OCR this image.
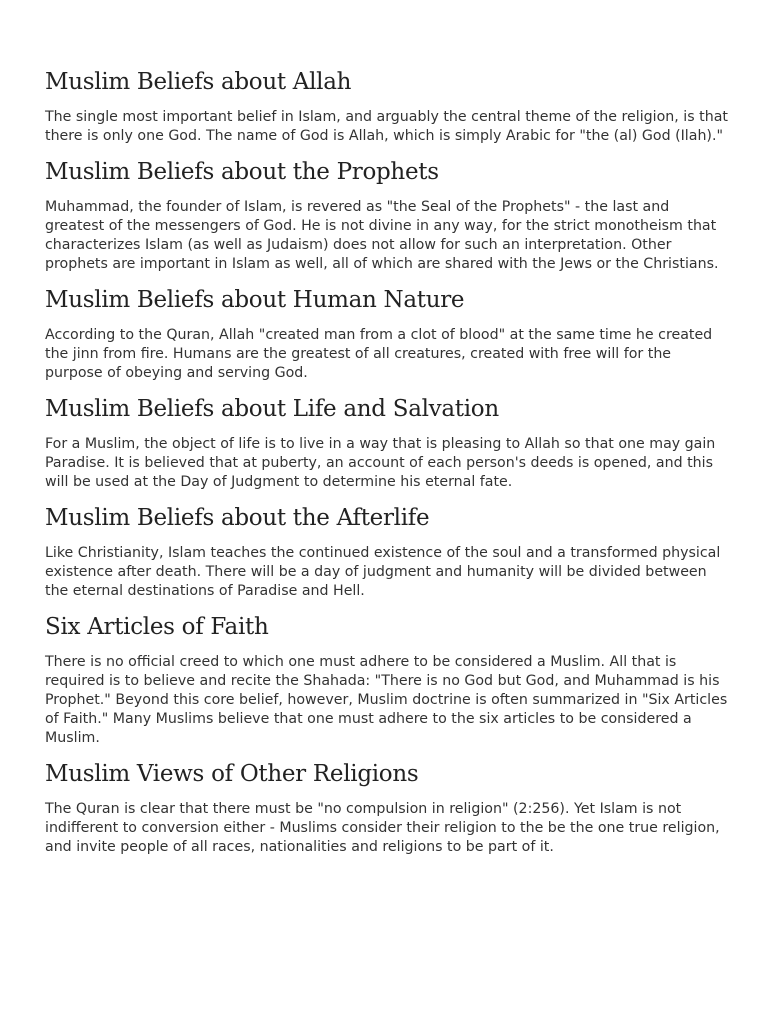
Muslim Beliefs about Allah

The single most important belief in Islam, and arguably the central theme of the religion, is that there is only one God. The name of God is Allah, which is simply Arabic for "the (al) God (Ilah)."

Muslim Beliefs about the Prophets

Muhammad, the founder of Islam, is revered as "the Seal of the Prophets" - the last and greatest of the messengers of God. He is not divine in any way, for the strict monotheism that characterizes Islam (as well as Judaism) does not allow for such an interpretation. Other prophets are important in Islam as well, all of which are shared with the Jews or the Christians.

Muslim Beliefs about Human Nature

According to the Quran, Allah "created man from a clot of blood" at the same time he created the jinn from fire. Humans are the greatest of all creatures, created with free will for the purpose of obeying and serving God.

Muslim Beliefs about Life and Salvation

For a Muslim, the object of life is to live in a way that is pleasing to Allah so that one may gain Paradise. It is believed that at puberty, an account of each person's deeds is opened, and this will be used at the Day of Judgment to determine his eternal fate.

Muslim Beliefs about the Afterlife

Like Christianity, Islam teaches the continued existence of the soul and a transformed physical existence after death. There will be a day of judgment and humanity will be divided between the eternal destinations of Paradise and Hell.

Six Articles of Faith

There is no official creed to which one must adhere to be considered a Muslim. All that is required is to believe and recite the Shahada: "There is no God but God, and Muhammad is his Prophet." Beyond this core belief, however, Muslim doctrine is often summarized in "Six Articles of Faith." Many Muslims believe that one must adhere to the six articles to be considered a Muslim.

Muslim Views of Other Religions

The Quran is clear that there must be "no compulsion in religion" (2:256). Yet Islam is not indifferent to conversion either - Muslims consider their religion to the be the one true religion, and invite people of all races, nationalities and religions to be part of it.
